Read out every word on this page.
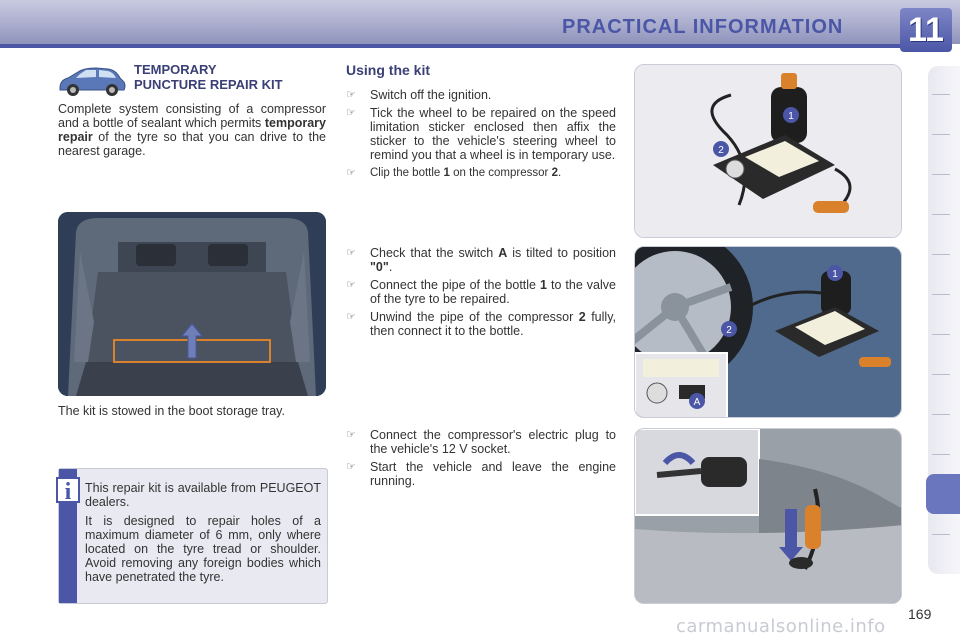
PRACTICAL INFORMATION 11
TEMPORARY
PUNCTURE REPAIR KIT
Complete system consisting of a compressor and a bottle of sealant which permits temporary repair of the tyre so that you can drive to the nearest garage.
The kit is stowed in the boot storage tray.
i	This repair kit is available from PEUGEOT dealers.

It is designed to repair holes of a maximum diameter of 6 mm, only where located on the tyre tread or shoulder. Avoid removing any foreign bodies which have penetrated the tyre.

Using the kit
☞	Switch off the ignition.
☞	Tick the wheel to be repaired on the speed limitation sticker enclosed then affix the sticker to the vehicle's steering wheel to remind you that a wheel is in temporary use.
☞	Clip the bottle 1 on the compressor 2.
☞	Check that the switch A is tilted to position "0".
☞	Connect the pipe of the bottle 1 to the valve of the tyre to be repaired.
☞	Unwind the pipe of the compressor 2 fully, then connect it to the bottle.
☞	Connect the compressor's electric plug to the vehicle's 12 V socket.
☞	Start the vehicle and leave the engine running.
1
2
1
2
A
169
carmanualsonline.info
